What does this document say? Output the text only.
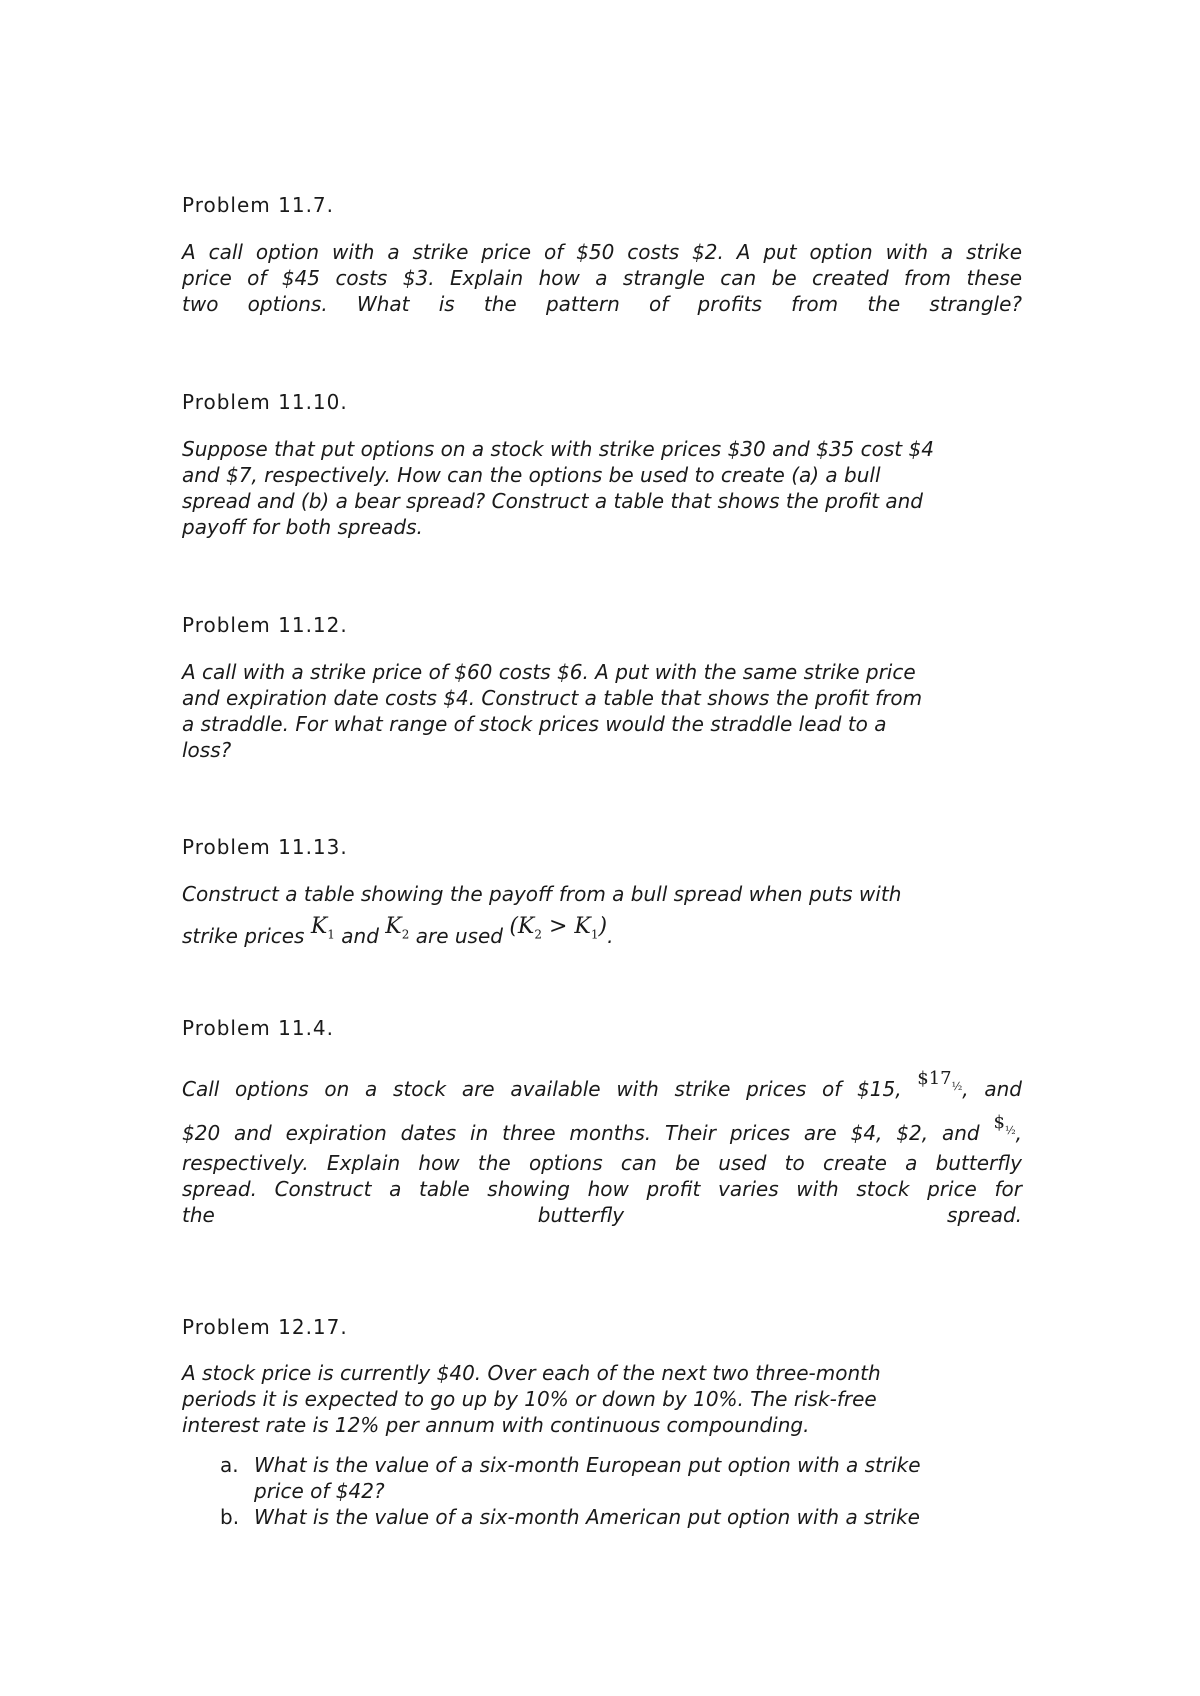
Problem 11.7.
A call option with a strike price of $50 costs $2. A put option with a strike
price of $45 costs $3. Explain how a strangle can be created from these
two options. What is the pattern of profits from the strangle?
Problem 11.10.
Suppose that put options on a stock with strike prices $30 and $35 cost $4
and $7, respectively. How can the options be used to create (a) a bull
spread and (b) a bear spread? Construct a table that shows the profit and
payoff for both spreads.
Problem 11.12.
A call with a strike price of $60 costs $6. A put with the same strike price
and expiration date costs $4. Construct a table that shows the profit from
a straddle. For what range of stock prices would the straddle lead to a
loss?
Problem 11.13.
Construct a table showing the payoff from a bull spread when puts with
strike prices $K_1$ and $K_2$ are used $(K_2 > K_1)$.
Problem 11.4.
Call options on a stock are available with strike prices of $15, $\$17_{\frac{1}{2}}$, and
$20 and expiration dates in three months. Their prices are $4, $2, and $\$_{\frac{1}{2}}$,
respectively. Explain how the options can be used to create a butterfly
spread. Construct a table showing how profit varies with stock price for
the butterfly spread.
Problem 12.17.
A stock price is currently $40. Over each of the next two three-month
periods it is expected to go up by 10% or down by 10%. The risk-free
interest rate is 12% per annum with continuous compounding.
a. What is the value of a six-month European put option with a strike
price of $42?
b. What is the value of a six-month American put option with a strike
